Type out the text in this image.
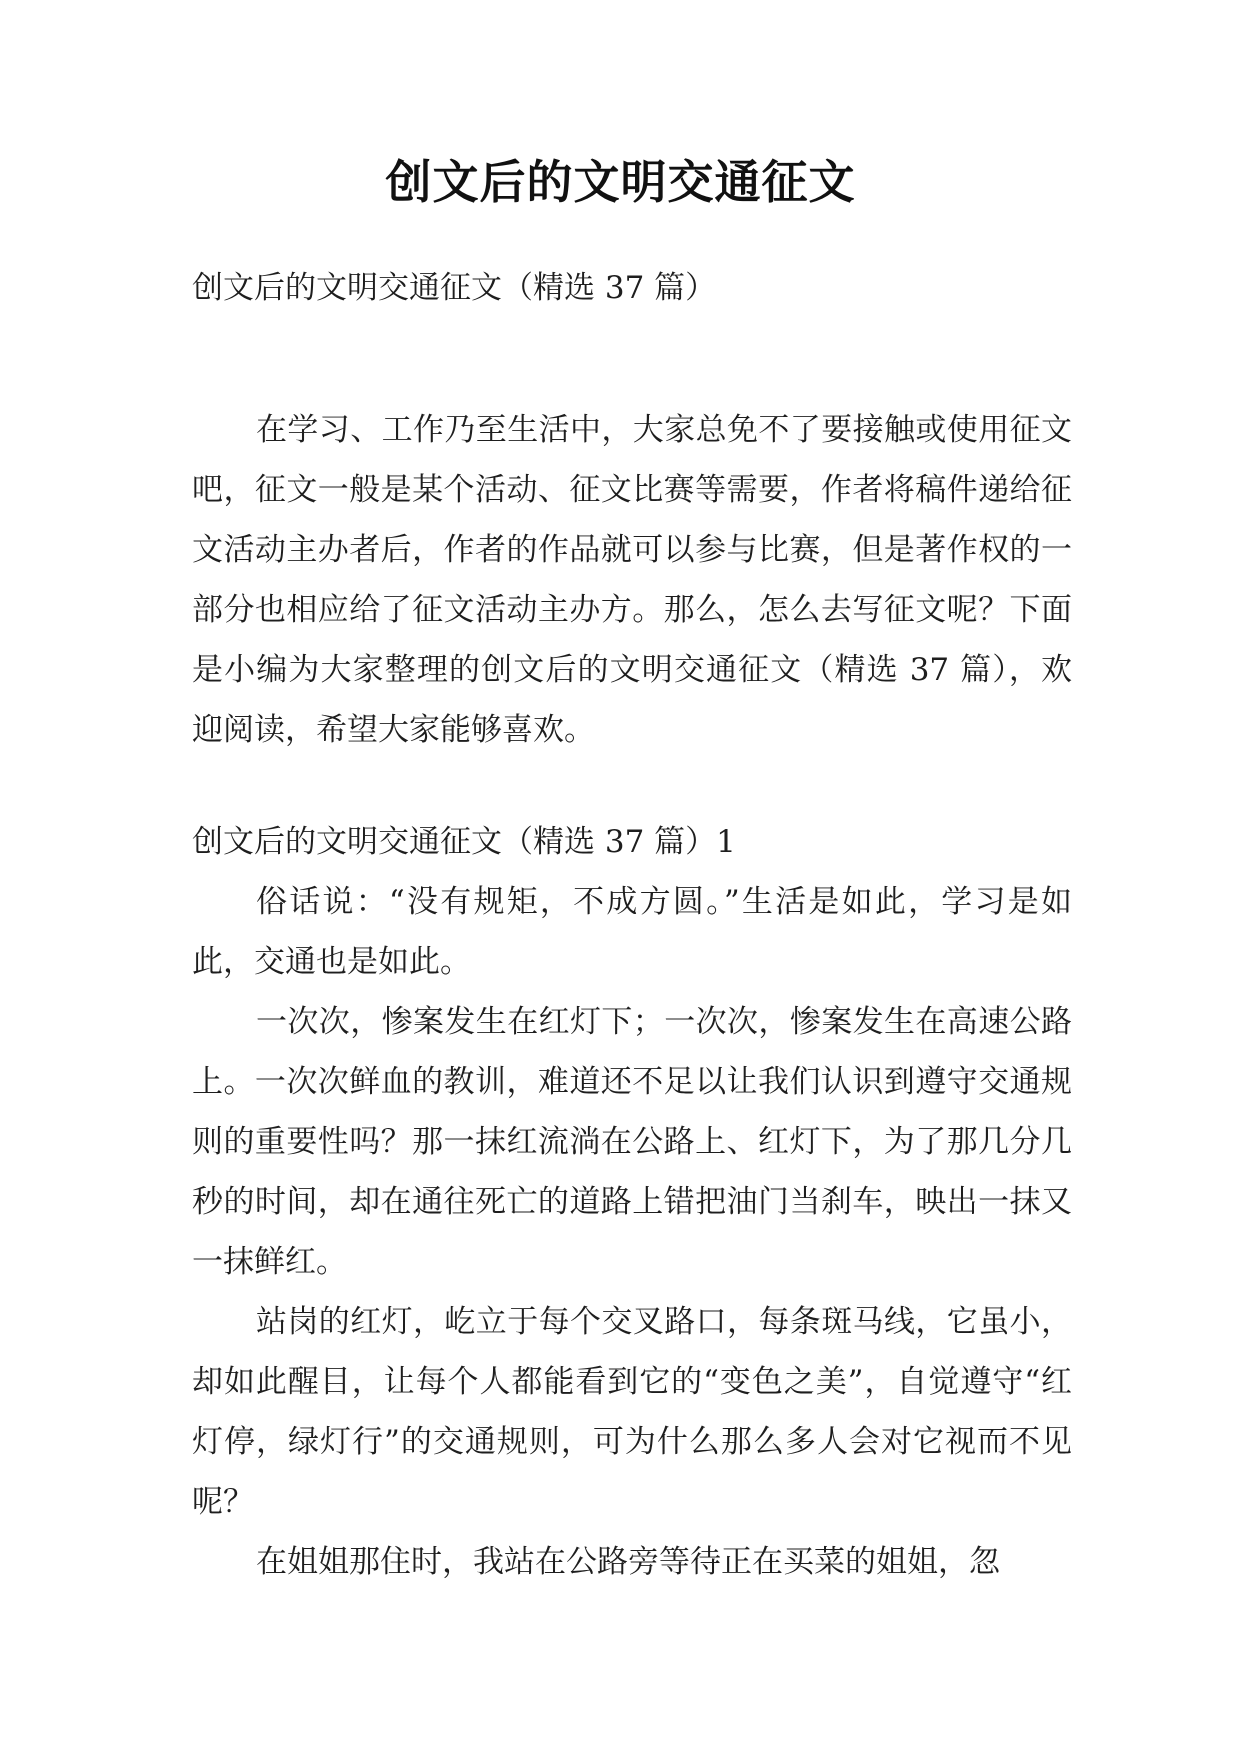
创文后的文明交通征文

创文后的文明交通征文（精选 37 篇）

在学习、工作乃至生活中，大家总免不了要接触或使用征文吧，征文一般是某个活动、征文比赛等需要，作者将稿件递给征文活动主办者后，作者的作品就可以参与比赛，但是著作权的一部分也相应给了征文活动主办方。那么，怎么去写征文呢？下面是小编为大家整理的创文后的文明交通征文（精选 37 篇），欢迎阅读，希望大家能够喜欢。

创文后的文明交通征文（精选 37 篇）1

俗话说：“没有规矩，不成方圆。”生活是如此，学习是如此，交通也是如此。

一次次，惨案发生在红灯下；一次次，惨案发生在高速公路上。一次次鲜血的教训，难道还不足以让我们认识到遵守交通规则的重要性吗？那一抹红流淌在公路上、红灯下，为了那几分几秒的时间，却在通往死亡的道路上错把油门当刹车，映出一抹又一抹鲜红。

站岗的红灯，屹立于每个交叉路口，每条斑马线，它虽小，却如此醒目，让每个人都能看到它的“变色之美”，自觉遵守“红灯停，绿灯行”的交通规则，可为什么那么多人会对它视而不见呢？

在姐姐那住时，我站在公路旁等待正在买菜的姐姐，忽
